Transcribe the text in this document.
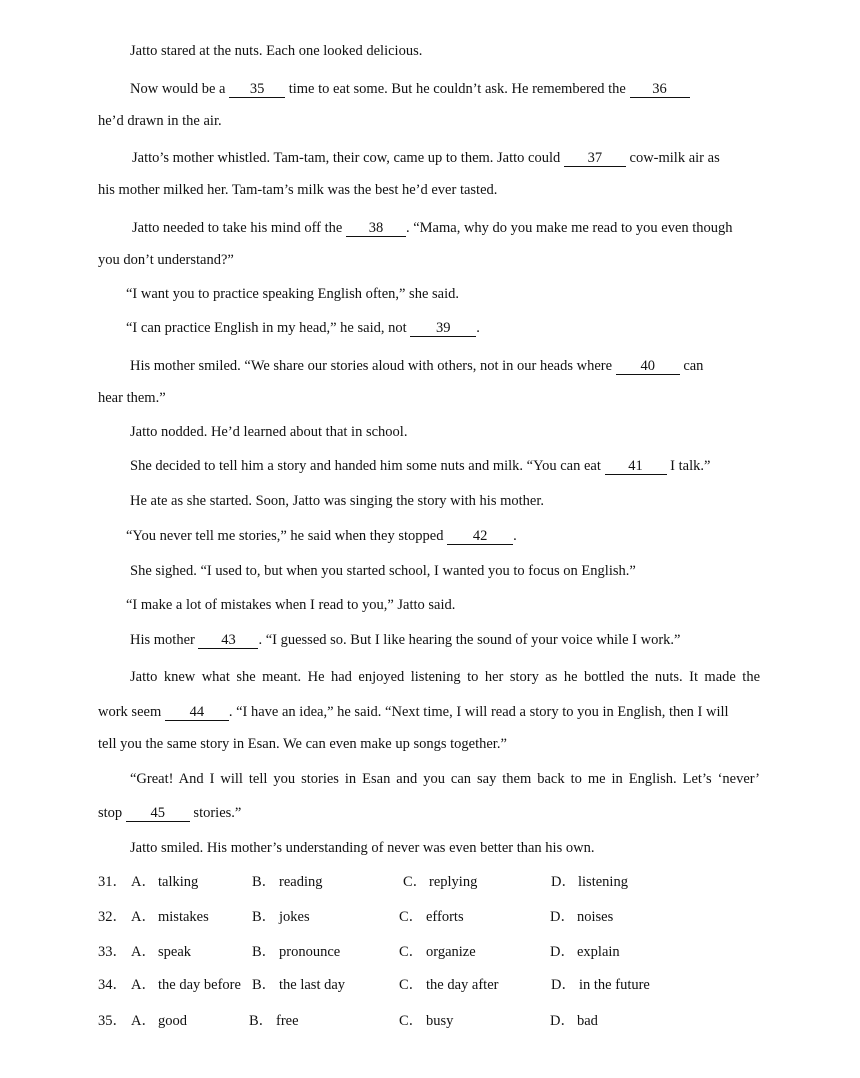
Jatto stared at the nuts. Each one looked delicious.
Now would be a 35 time to eat some. But he couldn’t ask. He remembered the 36
he’d drawn in the air.
Jatto’s mother whistled. Tam-tam, their cow, came up to them. Jatto could 37 cow-milk air as
his mother milked her. Tam-tam’s milk was the best he’d ever tasted.
Jatto needed to take his mind off the 38 . “Mama, why do you make me read to you even though
you don’t understand?”
“I want you to practice speaking English often,” she said.
“I can practice English in my head,” he said, not 39 .
His mother smiled. “We share our stories aloud with others, not in our heads where 40 can
hear them.”
Jatto nodded. He’d learned about that in school.
She decided to tell him a story and handed him some nuts and milk. “You can eat 41 I talk.”
He ate as she started. Soon, Jatto was singing the story with his mother.
“You never tell me stories,” he said when they stopped 42 .
She sighed. “I used to, but when you started school, I wanted you to focus on English.”
“I make a lot of mistakes when I read to you,” Jatto said.
His mother 43 . “I guessed so. But I like hearing the sound of your voice while I work.”
Jatto knew what she meant. He had enjoyed listening to her story as he bottled the nuts. It made the
work seem 44 . “I have an idea,” he said. “Next time, I will read a story to you in English, then I will
tell you the same story in Esan. We can even make up songs together.”
“Great! And I will tell you stories in Esan and you can say them back to me in English. Let’s ‘never’
stop 45 stories.”
Jatto smiled. His mother’s understanding of never was even better than his own.
31． A． talking	B． reading	C． replying	D． listening
32． A． mistakes	B． jokes	C． efforts	D． noises
33． A． speak	B． pronounce	C． organize	D． explain
34． A． the day before B． the last day	C． the day after	D． in the future
35． A． good	B． free	C． busy	D． bad
